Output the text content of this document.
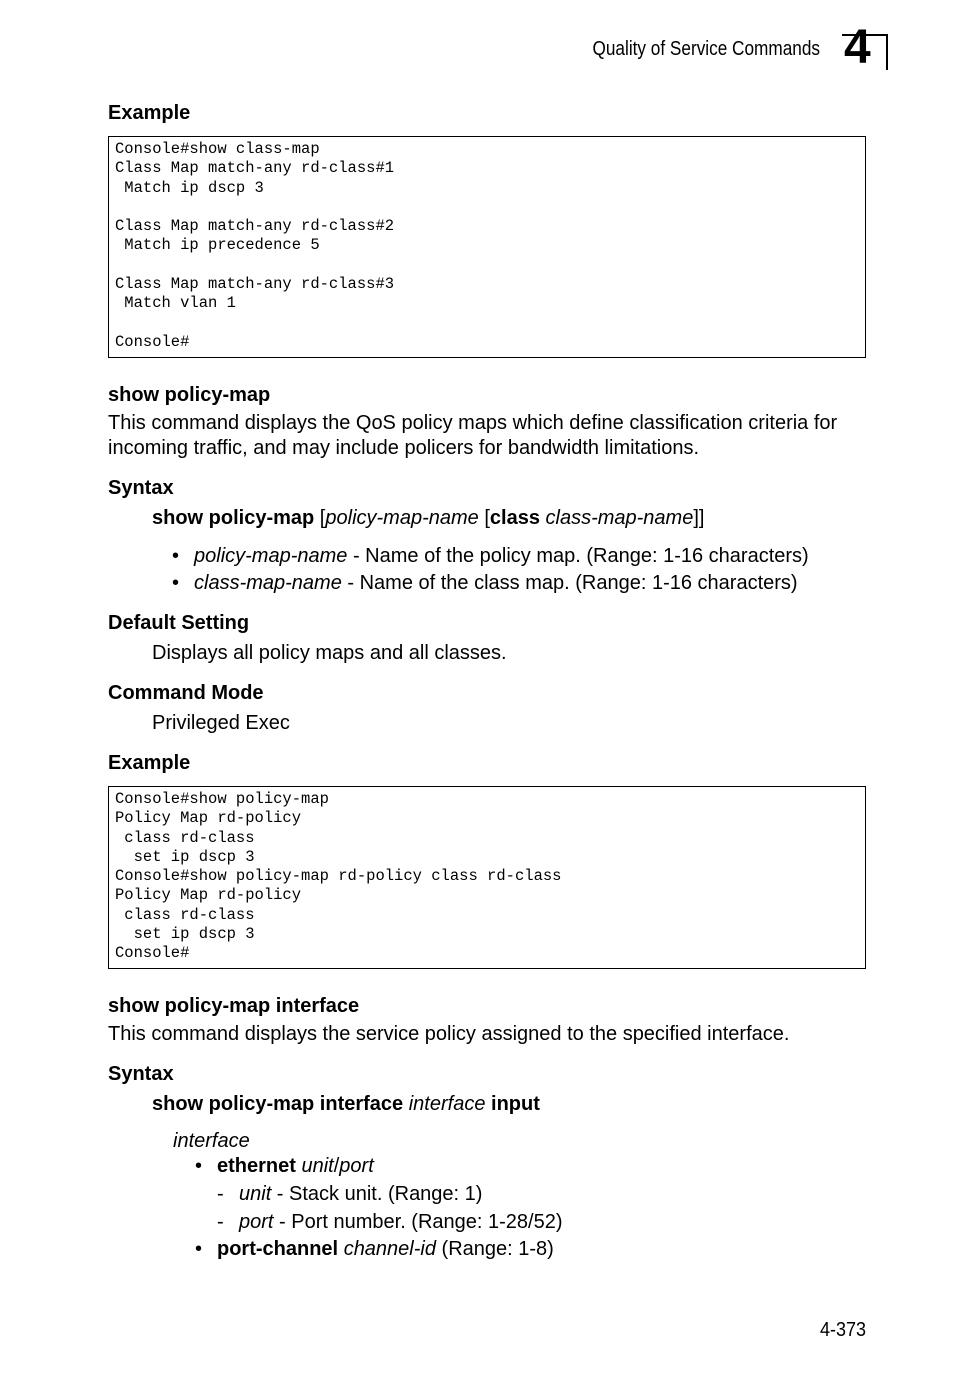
Quality of Service Commands 4
Example
Console#show class-map
Class Map match-any rd-class#1
Match ip dscp 3

Class Map match-any rd-class#2
Match ip precedence 5

Class Map match-any rd-class#3
Match vlan 1

Console#
show policy-map
This command displays the QoS policy maps which define classification criteria for
incoming traffic, and may include policers for bandwidth limitations.
Syntax
show policy-map [policy-map-name [class class-map-name]]
• policy-map-name - Name of the policy map. (Range: 1-16 characters)
• class-map-name - Name of the class map. (Range: 1-16 characters)
Default Setting
Displays all policy maps and all classes.
Command Mode
Privileged Exec
Example
Console#show policy-map
Policy Map rd-policy
class rd-class
set ip dscp 3
Console#show policy-map rd-policy class rd-class
Policy Map rd-policy
class rd-class
set ip dscp 3
Console#
show policy-map interface
This command displays the service policy assigned to the specified interface.
Syntax
show policy-map interface interface input
interface
• ethernet unit/port
- unit - Stack unit. (Range: 1)
- port - Port number. (Range: 1-28/52)
• port-channel channel-id (Range: 1-8)
4-373
